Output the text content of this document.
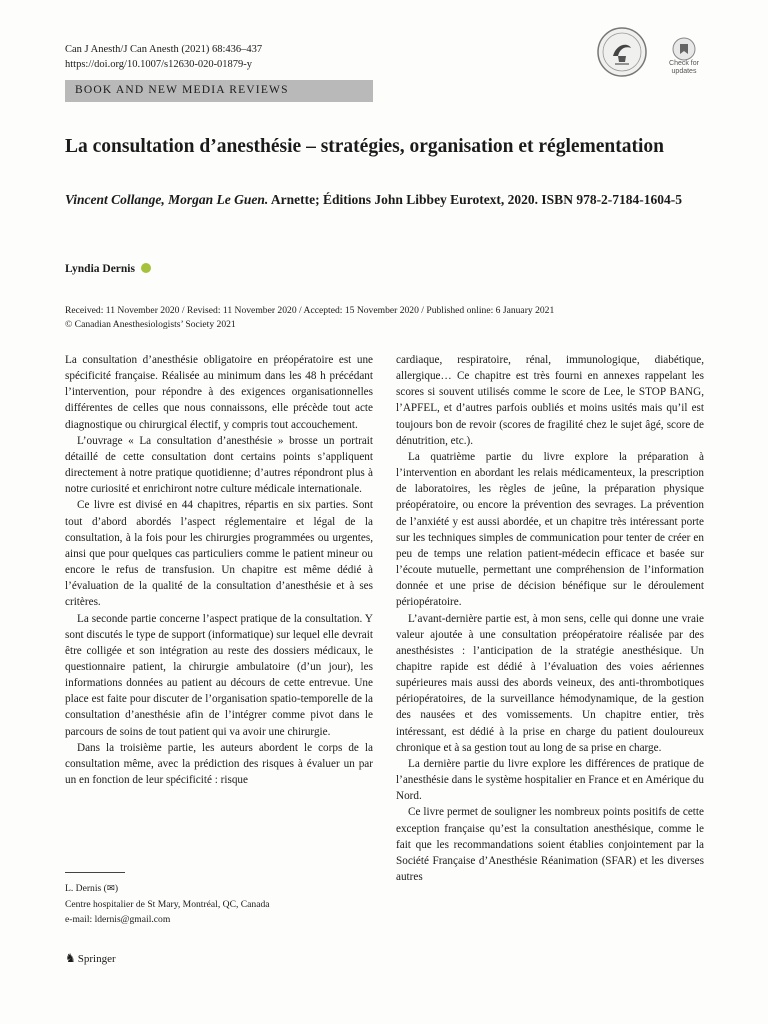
Can J Anesth/J Can Anesth (2021) 68:436–437
https://doi.org/10.1007/s12630-020-01879-y	Check for
updates
BOOK AND NEW MEDIA REVIEWS
La consultation d’anesthésie – stratégies, organisation et réglementation
Vincent Collange, Morgan Le Guen. Arnette; Éditions John Libbey Eurotext, 2020. ISBN 978-2-7184-1604-5
Lyndia Dernis
Received: 11 November 2020 / Revised: 11 November 2020 / Accepted: 15 November 2020 / Published online: 6 January 2021
© Canadian Anesthesiologists’ Society 2021

La consultation d’anesthésie obligatoire en préopératoire est une spécificité française. Réalisée au minimum dans les 48 h précédant l’intervention, pour répondre à des exigences organisationnelles différentes de celles que nous connaissons, elle précède tout acte diagnostique ou chirurgical électif, y compris tout accouchement.

L’ouvrage « La consultation d’anesthésie » brosse un portrait détaillé de cette consultation dont certains points s’appliquent directement à notre pratique quotidienne; d’autres répondront plus à notre curiosité et enrichiront notre culture médicale internationale.

Ce livre est divisé en 44 chapitres, répartis en six parties. Sont tout d’abord abordés l’aspect réglementaire et légal de la consultation, à la fois pour les chirurgies programmées ou urgentes, ainsi que pour quelques cas particuliers comme le patient mineur ou encore le refus de transfusion. Un chapitre est même dédié à l’évaluation de la qualité de la consultation d’anesthésie et à ses critères.

La seconde partie concerne l’aspect pratique de la consultation. Y sont discutés le type de support (informatique) sur lequel elle devrait être colligée et son intégration au reste des dossiers médicaux, le questionnaire patient, la chirurgie ambulatoire (d’un jour), les informations données au patient au décours de cette entrevue. Une place est faite pour discuter de l’organisation spatio-temporelle de la consultation d’anesthésie afin de l’intégrer comme pivot dans le parcours de soins de tout patient qui va avoir une chirurgie.

Dans la troisième partie, les auteurs abordent le corps de la consultation même, avec la prédiction des risques à évaluer un par un en fonction de leur spécificité : risque

cardiaque, respiratoire, rénal, immunologique, diabétique, allergique… Ce chapitre est très fourni en annexes rappelant les scores si souvent utilisés comme le score de Lee, le STOP BANG, l’APFEL, et d’autres parfois oubliés et moins usités mais qu’il est toujours bon de revoir (scores de fragilité chez le sujet âgé, score de dénutrition, etc.).

La quatrième partie du livre explore la préparation à l’intervention en abordant les relais médicamenteux, la prescription de laboratoires, les règles de jeûne, la préparation physique préopératoire, ou encore la prévention des sevrages. La prévention de l’anxiété y est aussi abordée, et un chapitre très intéressant porte sur les techniques simples de communication pour tenter de créer en peu de temps une relation patient-médecin efficace et basée sur l’écoute mutuelle, permettant une compréhension de l’information donnée et une prise de décision bénéfique sur le déroulement périopératoire.

L’avant-dernière partie est, à mon sens, celle qui donne une vraie valeur ajoutée à une consultation préopératoire réalisée par des anesthésistes : l’anticipation de la stratégie anesthésique. Un chapitre rapide est dédié à l’évaluation des voies aériennes supérieures mais aussi des abords veineux, des anti-thrombotiques périopératoires, de la surveillance hémodynamique, de la gestion des nausées et des vomissements. Un chapitre entier, très intéressant, est dédié à la prise en charge du patient douloureux chronique et à sa gestion tout au long de sa prise en charge.

La dernière partie du livre explore les différences de pratique de l’anesthésie dans le système hospitalier en France et en Amérique du Nord.

Ce livre permet de souligner les nombreux points positifs de cette exception française qu’est la consultation anesthésique, comme le fait que les recommandations soient établies conjointement par la Société Française d’Anesthésie Réanimation (SFAR) et les diverses autres

L. Dernis (✉)
Centre hospitalier de St Mary, Montréal, QC, Canada
e-mail: ldernis@gmail.com
♞ Springer
